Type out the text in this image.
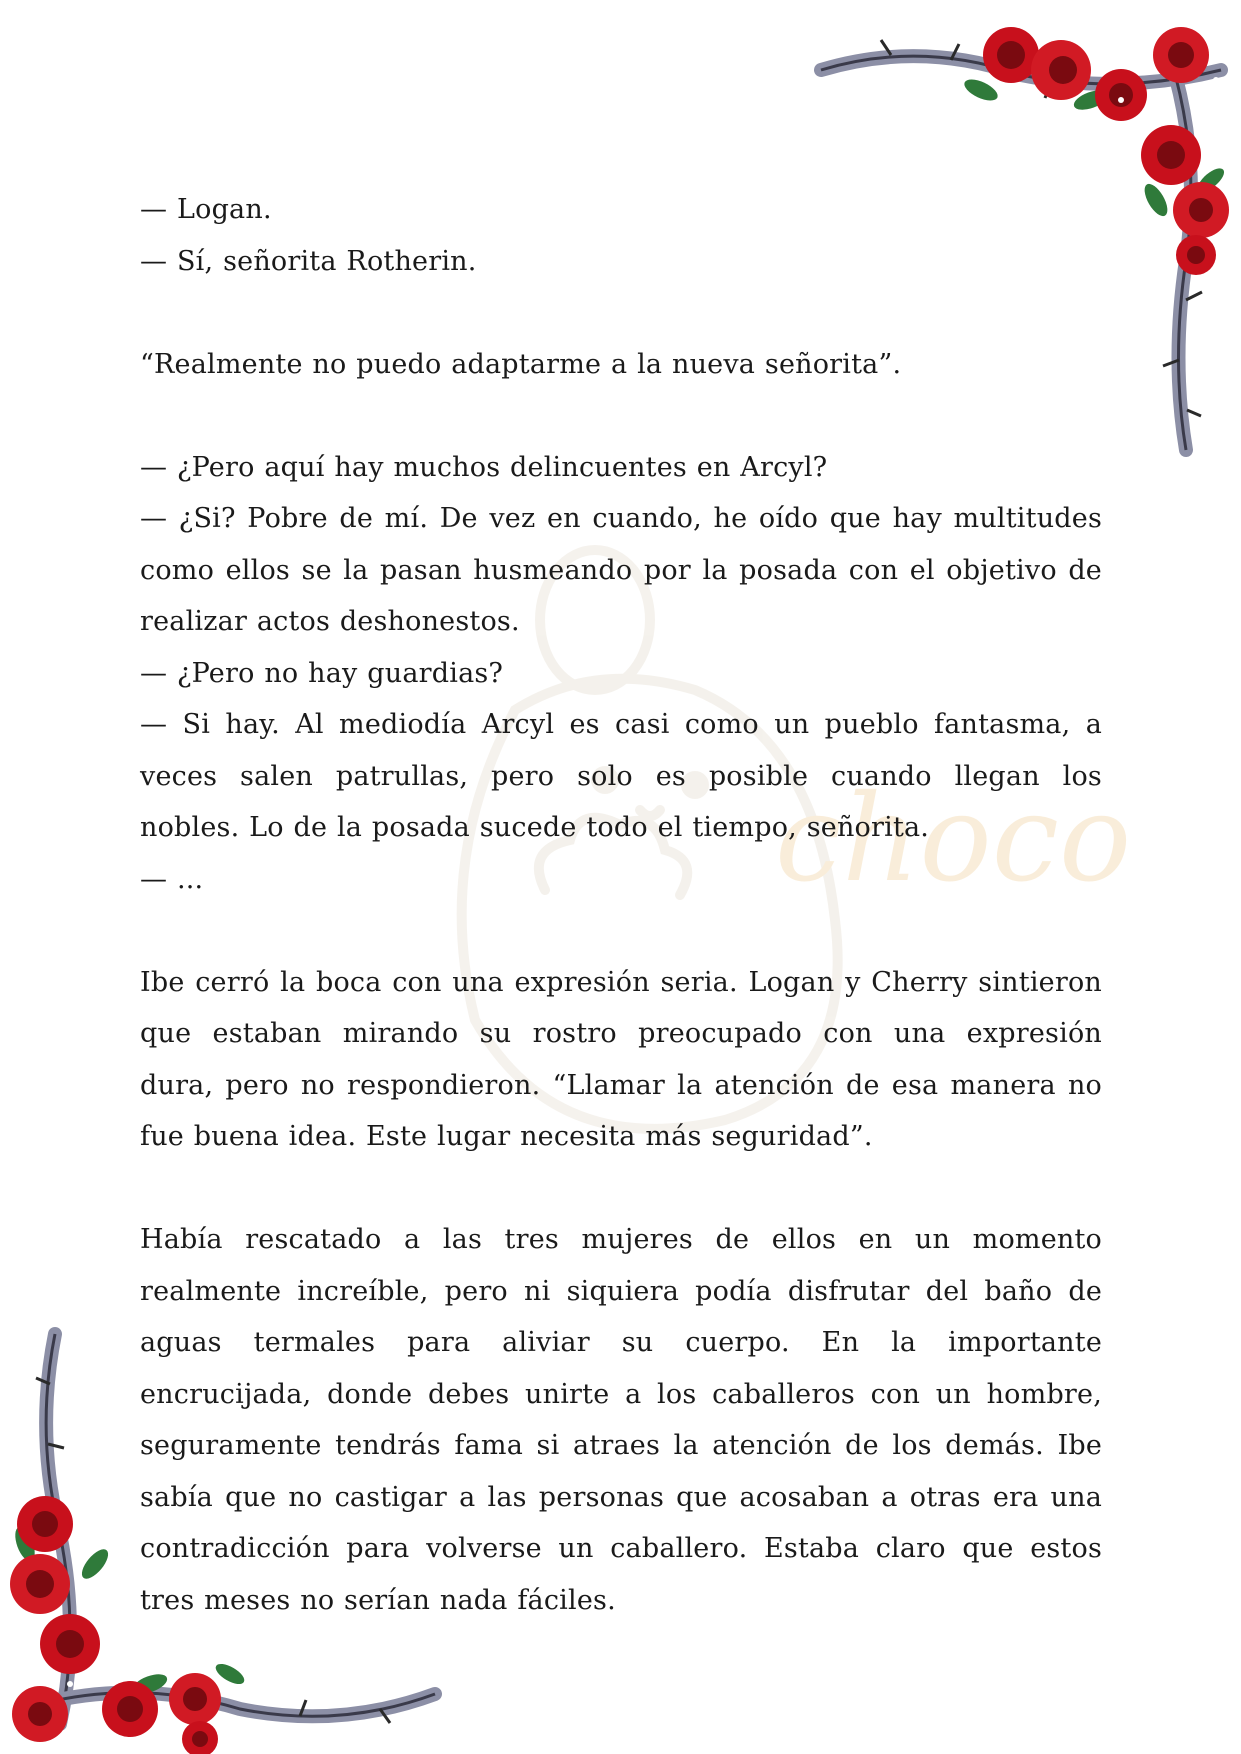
choco
— Logan.
— Sí, señorita Rotherin.
“Realmente no puedo adaptarme a la nueva señorita”.
— ¿Pero aquí hay muchos delincuentes en Arcyl?
— ¿Si? Pobre de mí. De vez en cuando, he oído que hay multitudes
como ellos se la pasan husmeando por la posada con el objetivo de
realizar actos deshonestos.
— ¿Pero no hay guardias?
— Si hay. Al mediodía Arcyl es casi como un pueblo fantasma, a
veces salen patrullas, pero solo es posible cuando llegan los
nobles. Lo de la posada sucede todo el tiempo, señorita.
— ...
Ibe cerró la boca con una expresión seria. Logan y Cherry sintieron
que estaban mirando su rostro preocupado con una expresión
dura, pero no respondieron. “Llamar la atención de esa manera no
fue buena idea. Este lugar necesita más seguridad”.
Había rescatado a las tres mujeres de ellos en un momento
realmente increíble, pero ni siquiera podía disfrutar del baño de
aguas termales para aliviar su cuerpo. En la importante
encrucijada, donde debes unirte a los caballeros con un hombre,
seguramente tendrás fama si atraes la atención de los demás. Ibe
sabía que no castigar a las personas que acosaban a otras era una
contradicción para volverse un caballero. Estaba claro que estos
tres meses no serían nada fáciles.
